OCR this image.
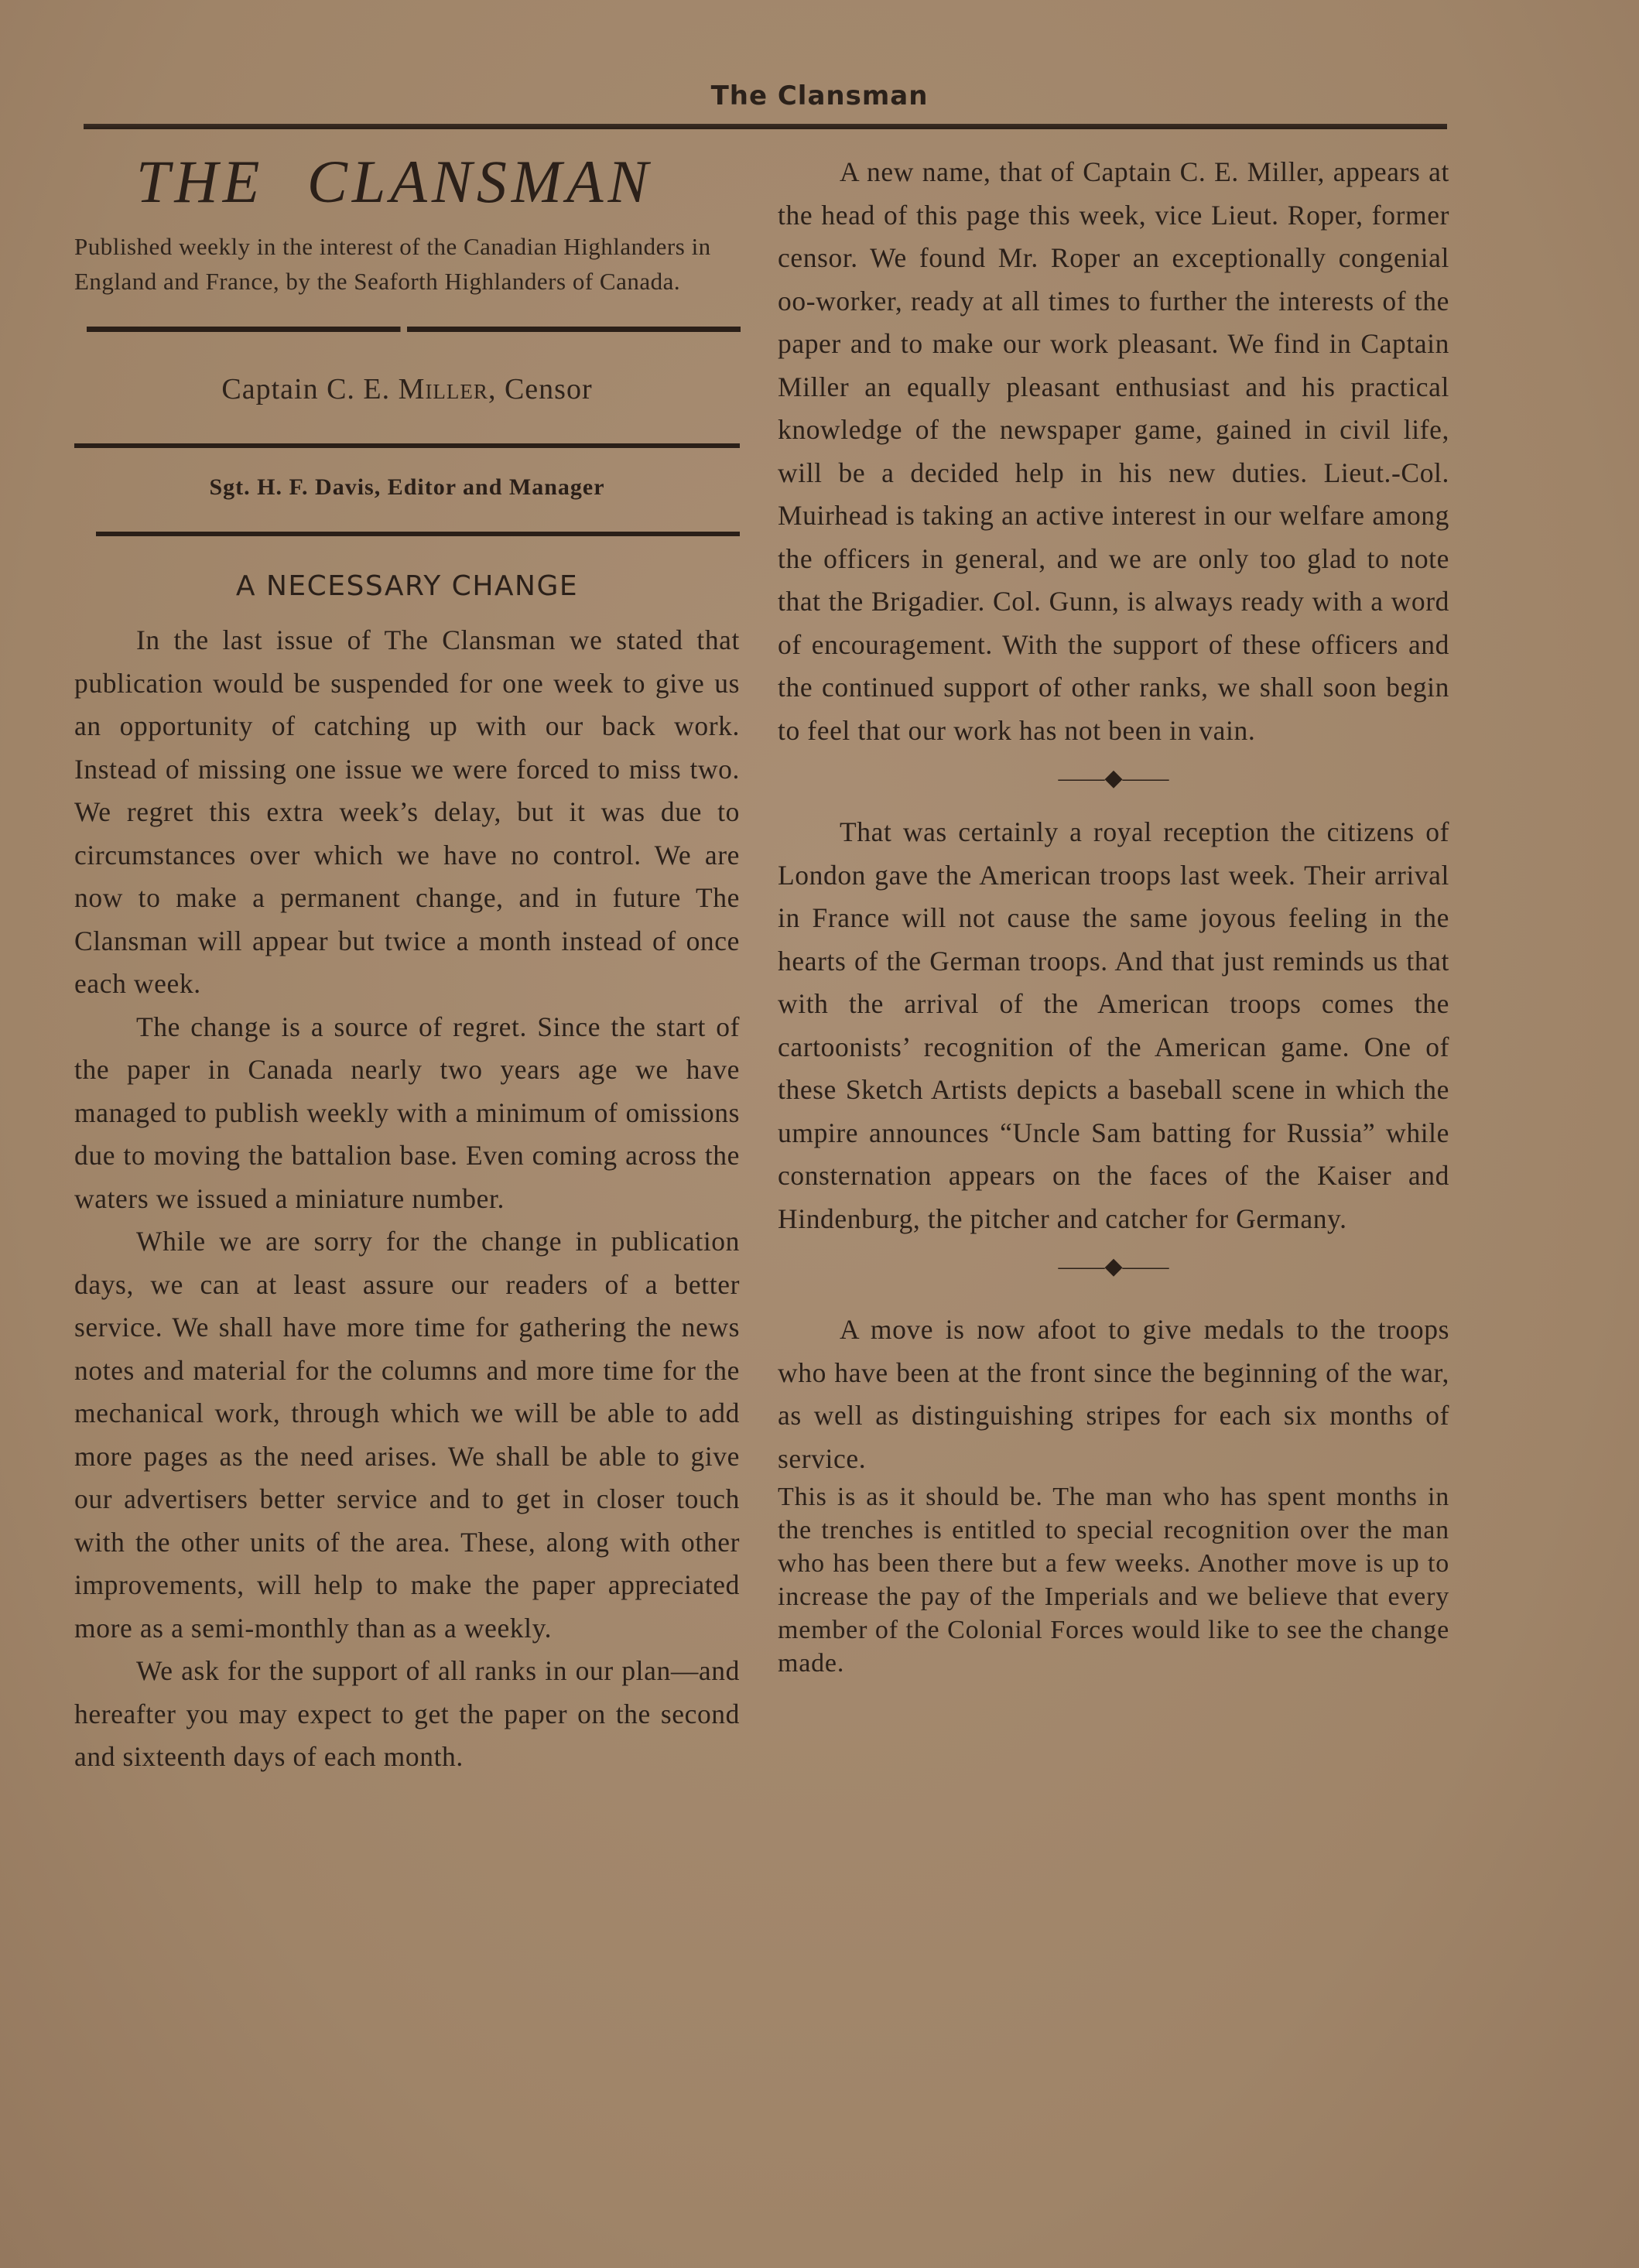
The Clansman
THE CLANSMAN
Published weekly in the interest of the Canadian Highlanders in England and France, by the Seaforth Highlanders of Canada.
Captain C. E. Miller, Censor
Sgt. H. F. Davis, Editor and Manager
A NECESSARY CHANGE

In the last issue of The Clansman we stated that publication would be suspended for one week to give us an opportunity of catching up with our back work. Instead of missing one issue we were forced to miss two. We regret this extra week’s delay, but it was due to circumstances over which we have no control. We are now to make a permanent change, and in future The Clansman will appear but twice a month instead of once each week.

The change is a source of regret. Since the start of the paper in Canada nearly two years age we have managed to publish weekly with a minimum of omissions due to moving the battalion base. Even coming across the waters we issued a miniature number.

While we are sorry for the change in publication days, we can at least assure our readers of a better service. We shall have more time for gathering the news notes and material for the columns and more time for the mechanical work, through which we will be able to add more pages as the need arises. We shall be able to give our advertisers better service and to get in closer touch with the other units of the area. These, along with other improvements, will help to make the paper appreciated more as a semi-monthly than as a weekly.

We ask for the support of all ranks in our plan—and hereafter you may expect to get the paper on the second and sixteenth days of each month.

A new name, that of Captain C. E. Miller, appears at the head of this page this week, vice Lieut. Roper, former censor. We found Mr. Roper an exceptionally congenial oo-worker, ready at all times to further the interests of the paper and to make our work pleasant. We find in Captain Miller an equally pleasant enthusiast and his practical knowledge of the newspaper game, gained in civil life, will be a decided help in his new duties. Lieut.-Col. Muirhead is taking an active interest in our welfare among the officers in general, and we are only too glad to note that the Brigadier. Col. Gunn, is always ready with a word of encouragement. With the support of these officers and the continued support of other ranks, we shall soon begin to feel that our work has not been in vain.

——◆——

That was certainly a royal reception the citizens of London gave the American troops last week. Their arrival in France will not cause the same joyous feeling in the hearts of the German troops. And that just reminds us that with the arrival of the American troops comes the cartoonists’ recognition of the American game. One of these Sketch Artists depicts a baseball scene in which the umpire announces “Uncle Sam batting for Russia” while consternation appears on the faces of the Kaiser and Hindenburg, the pitcher and catcher for Germany.

——◆——

A move is now afoot to give medals to the troops who have been at the front since the beginning of the war, as well as distinguishing stripes for each six months of service.

This is as it should be. The man who has spent months in the trenches is entitled to special recognition over the man who has been there but a few weeks. Another move is up to increase the pay of the Imperials and we believe that every member of the Colonial Forces would like to see the change made.
